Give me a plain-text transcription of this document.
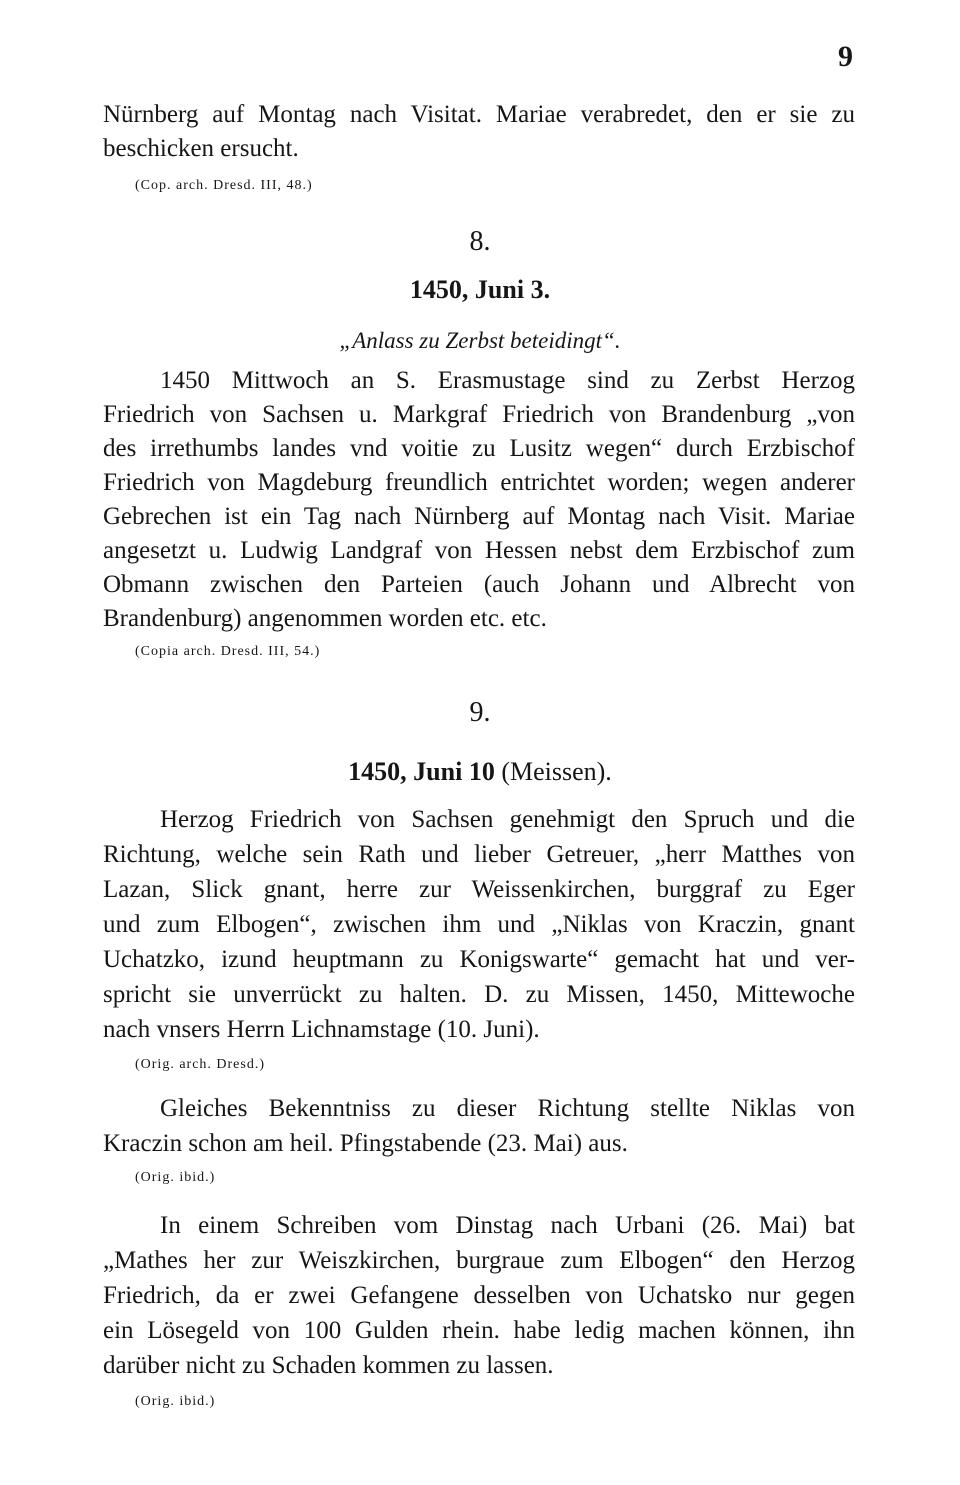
9
Nürnberg auf Montag nach Visitat. Mariae verabredet, den er sie zu
beschicken ersucht.
(Cop. arch. Dresd. III, 48.)
8.
1450, Juni 3.
„Anlass zu Zerbst beteidingt“.
1450 Mittwoch an S. Erasmustage sind zu Zerbst Herzog
Friedrich von Sachsen u. Markgraf Friedrich von Brandenburg „von
des irrethumbs landes vnd voitie zu Lusitz wegen“ durch Erzbischof
Friedrich von Magdeburg freundlich entrichtet worden; wegen anderer
Gebrechen ist ein Tag nach Nürnberg auf Montag nach Visit. Mariae
angesetzt u. Ludwig Landgraf von Hessen nebst dem Erzbischof zum
Obmann zwischen den Parteien (auch Johann und Albrecht von
Brandenburg) angenommen worden etc. etc.
(Copia arch. Dresd. III, 54.)
9.
1450, Juni 10 (Meissen).
Herzog Friedrich von Sachsen genehmigt den Spruch und die
Richtung, welche sein Rath und lieber Getreuer, „herr Matthes von
Lazan, Slick gnant, herre zur Weissenkirchen, burggraf zu Eger
und zum Elbogen“, zwischen ihm und „Niklas von Kraczin, gnant
Uchatzko, izund heuptmann zu Konigswarte“ gemacht hat und ver-
spricht sie unverrückt zu halten. D. zu Missen, 1450, Mittewoche
nach vnsers Herrn Lichnamstage (10. Juni).
(Orig. arch. Dresd.)
Gleiches Bekenntniss zu dieser Richtung stellte Niklas von
Kraczin schon am heil. Pfingstabende (23. Mai) aus.
(Orig. ibid.)
In einem Schreiben vom Dinstag nach Urbani (26. Mai) bat
„Mathes her zur Weiszkirchen, burgraue zum Elbogen“ den Herzog
Friedrich, da er zwei Gefangene desselben von Uchatsko nur gegen
ein Lösegeld von 100 Gulden rhein. habe ledig machen können, ihn
darüber nicht zu Schaden kommen zu lassen.
(Orig. ibid.)
